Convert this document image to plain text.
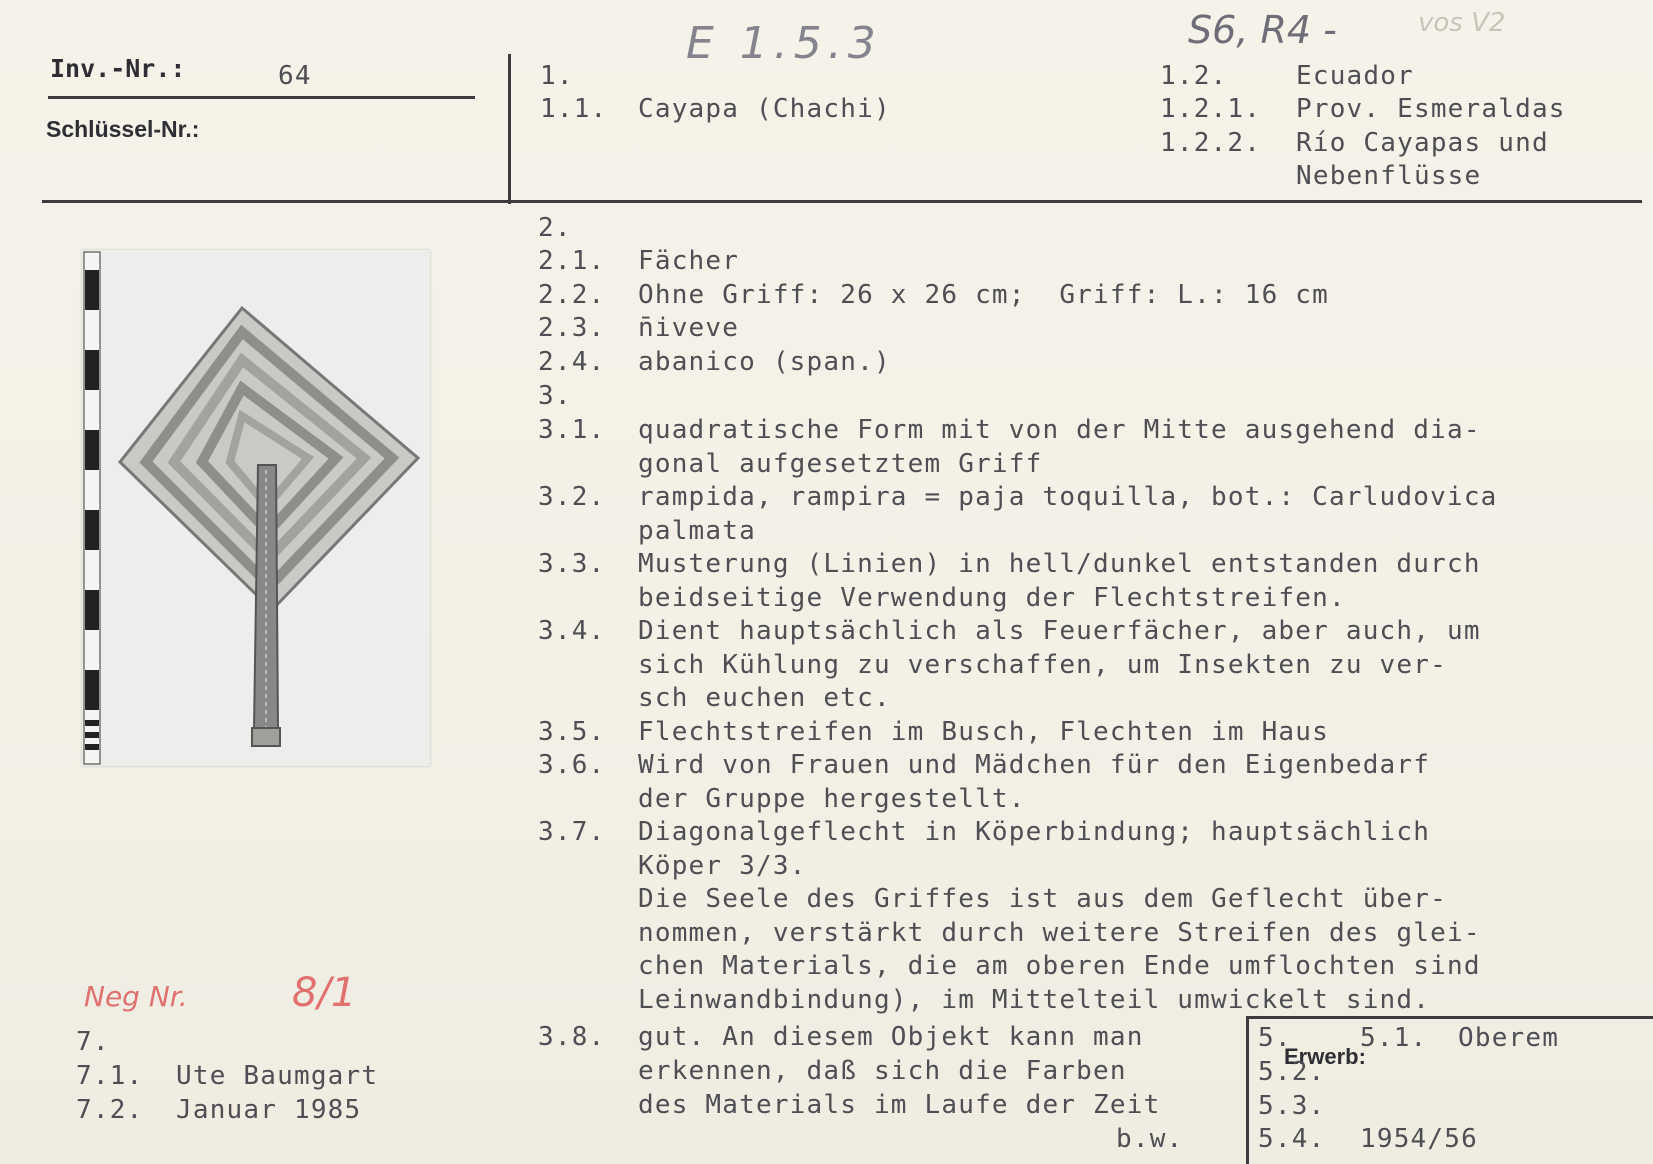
E 1.5.3	S6, R4 -	vos V2
Inv.-Nr.:	64
Schlüssel-Nr.:
1.
1.1. Cayapa (Chachi)
1.2.	Ecuador
1.2.1. Prov. Esmeraldas
1.2.2. Río Cayapas und
Nebenflüsse
2.
2.1. Fächer
2.2. Ohne Griff: 26 x 26 cm;  Griff: L.: 16 cm
2.3. n̄iveve
2.4. abanico (span.)
3.
3.1. quadratische Form mit von der Mitte ausgehend dia-
gonal aufgesetztem Griff
3.2. rampida, rampira = paja toquilla, bot.: Carludovica
palmata
3.3. Musterung (Linien) in hell/dunkel entstanden durch
beidseitige Verwendung der Flechtstreifen.
3.4. Dient hauptsächlich als Feuerfächer, aber auch, um
sich Kühlung zu verschaffen, um Insekten zu ver-
sch euchen etc.
3.5. Flechtstreifen im Busch, Flechten im Haus
3.6. Wird von Frauen und Mädchen für den Eigenbedarf
der Gruppe hergestellt.
3.7. Diagonalgeflecht in Köperbindung; hauptsächlich
Köper 3/3.
Die Seele des Griffes ist aus dem Geflecht über-
nommen, verstärkt durch weitere Streifen des glei-
chen Materials, die am oberen Ende umflochten sind
Leinwandbindung), im Mittelteil umwickelt sind.
3.8. gut. An diesem Objekt kann man
erkennen, daß sich die Farben
des Materials im Laufe der Zeit
b.w.
5.
Erwerb:
5.1. Oberem
5.2.
5.3.
5.4. 1954/56
Neg Nr.	8/1
7.
7.1. Ute Baumgart
7.2. Januar 1985
